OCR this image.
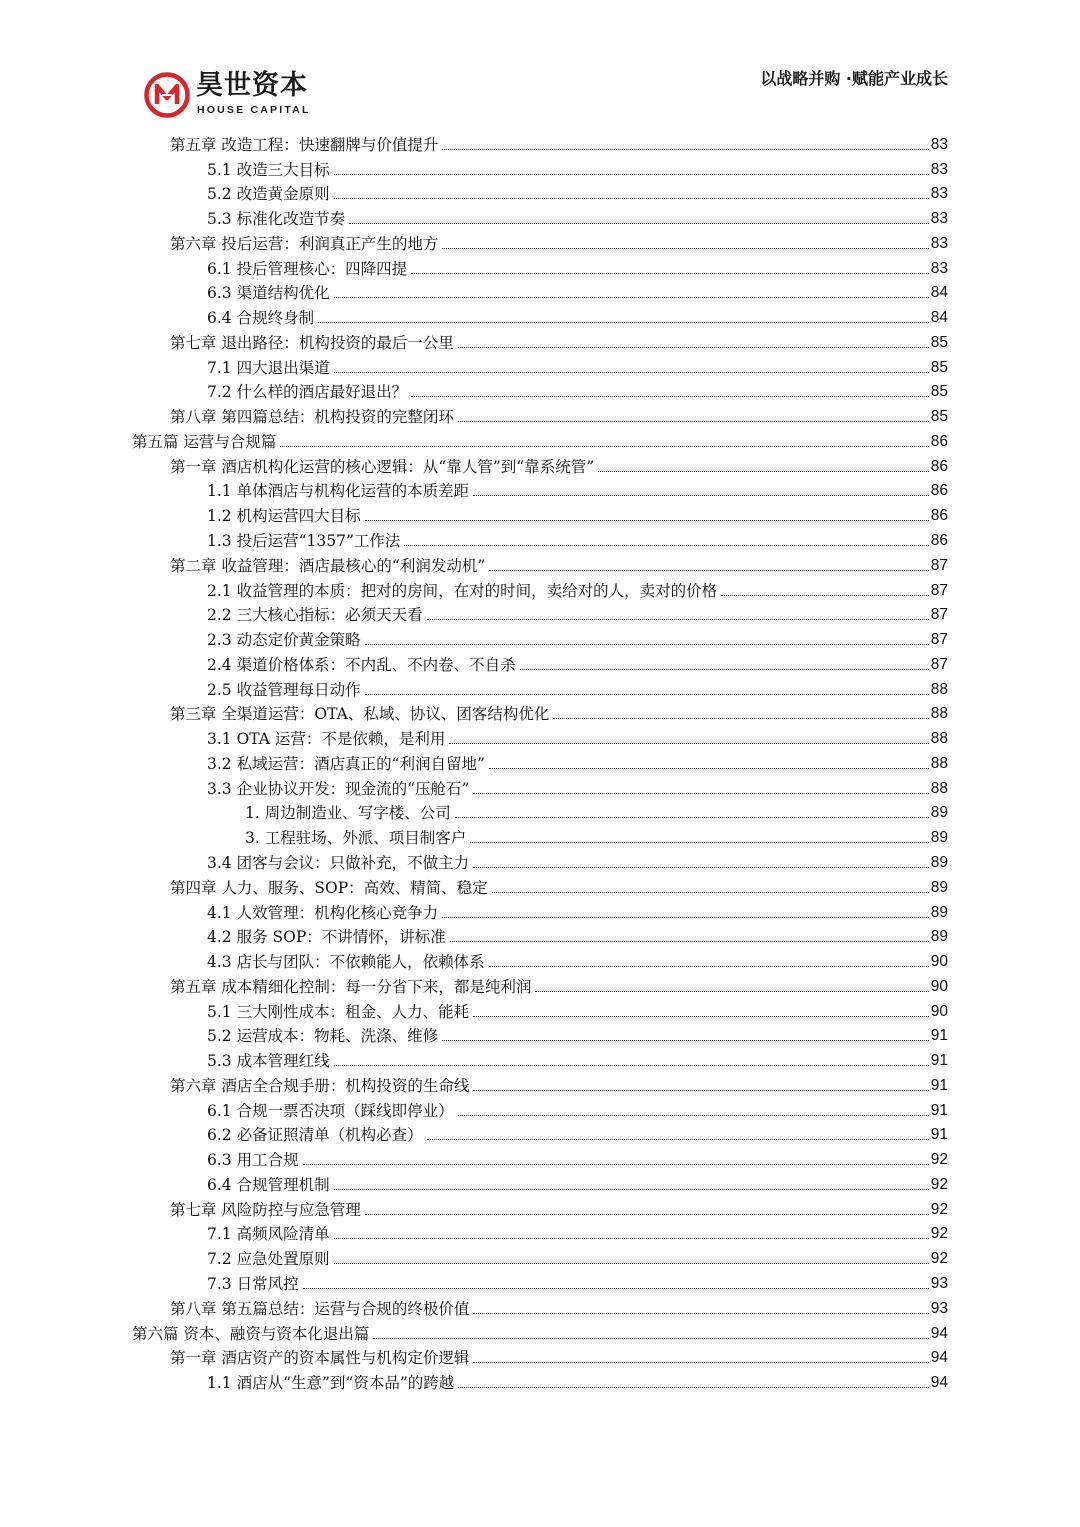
昊世资本
HOUSE CAPITAL
以战略并购 ·赋能产业成长
第五章 改造工程：快速翻牌与价值提升	83
5.1 改造三大目标	83
5.2 改造黄金原则	83
5.3 标准化改造节奏	83
第六章 投后运营：利润真正产生的地方	83
6.1 投后管理核心：四降四提	83
6.3 渠道结构优化	84
6.4 合规终身制	84
第七章 退出路径：机构投资的最后一公里	85
7.1 四大退出渠道	85
7.2 什么样的酒店最好退出？	85
第八章 第四篇总结：机构投资的完整闭环	85
第五篇 运营与合规篇	86
第一章 酒店机构化运营的核心逻辑：从“靠人管”到“靠系统管”	86
1.1 单体酒店与机构化运营的本质差距	86
1.2 机构运营四大目标	86
1.3 投后运营“1357”工作法	86
第二章 收益管理：酒店最核心的“利润发动机”	87
2.1 收益管理的本质：把对的房间，在对的时间，卖给对的人，卖对的价格	87
2.2 三大核心指标：必须天天看	87
2.3 动态定价黄金策略	87
2.4 渠道价格体系：不内乱、不内卷、不自杀	87
2.5 收益管理每日动作	88
第三章 全渠道运营：OTA、私域、协议、团客结构优化	88
3.1 OTA 运营：不是依赖，是利用	88
3.2 私域运营：酒店真正的“利润自留地”	88
3.3 企业协议开发：现金流的“压舱石”	88
1. 周边制造业、写字楼、公司	89
3. 工程驻场、外派、项目制客户	89
3.4 团客与会议：只做补充，不做主力	89
第四章 人力、服务、SOP：高效、精简、稳定	89
4.1 人效管理：机构化核心竞争力	89
4.2 服务 SOP：不讲情怀，讲标准	89
4.3 店长与团队：不依赖能人，依赖体系	90
第五章 成本精细化控制：每一分省下来，都是纯利润	90
5.1 三大刚性成本：租金、人力、能耗	90
5.2 运营成本：物耗、洗涤、维修	91
5.3 成本管理红线	91
第六章 酒店全合规手册：机构投资的生命线	91
6.1 合规一票否决项（踩线即停业）	91
6.2 必备证照清单（机构必查）	91
6.3 用工合规	92
6.4 合规管理机制	92
第七章 风险防控与应急管理	92
7.1 高频风险清单	92
7.2 应急处置原则	92
7.3 日常风控	93
第八章 第五篇总结：运营与合规的终极价值	93
第六篇 资本、融资与资本化退出篇	94
第一章 酒店资产的资本属性与机构定价逻辑	94
1.1 酒店从“生意”到“资本品”的跨越	94
